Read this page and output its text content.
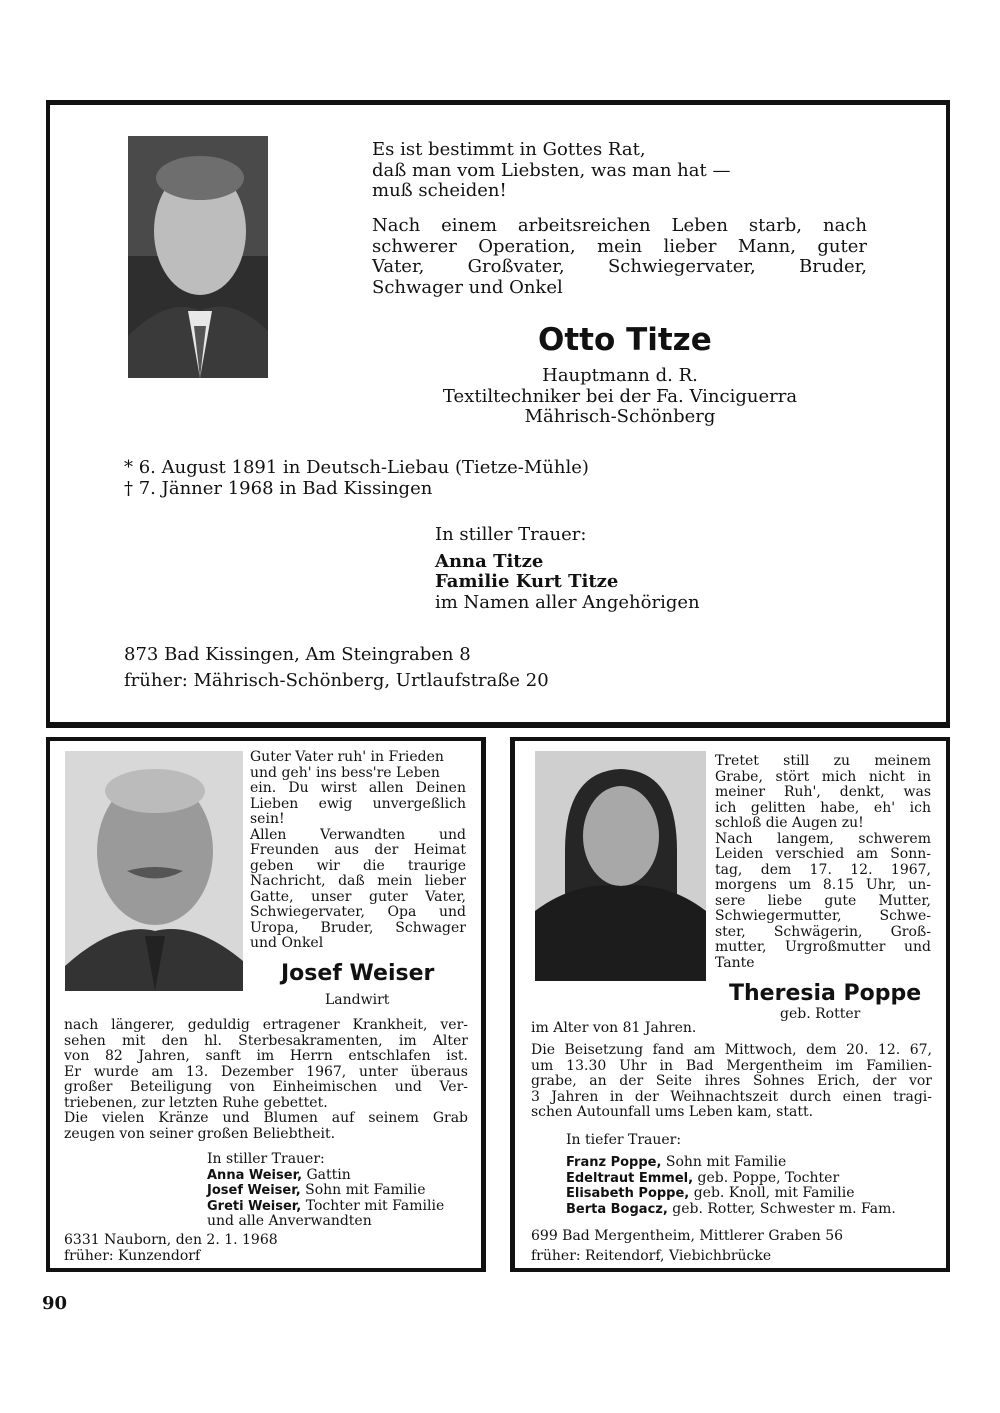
Es ist bestimmt in Gottes Rat,
daß man vom Liebsten, was man hat —
muß scheiden!
Nach einem arbeitsreichen Leben starb, nach
schwerer Operation, mein lieber Mann, guter
Vater, Großvater, Schwiegervater, Bruder,
Schwager und Onkel
Otto Titze
Hauptmann d. R.
Textiltechniker bei der Fa. Vinciguerra
Mährisch-Schönberg
* 6. August 1891 in Deutsch-Liebau (Tietze-Mühle)
† 7. Jänner 1968 in Bad Kissingen
In stiller Trauer:
Anna Titze
Familie Kurt Titze
im Namen aller Angehörigen
873 Bad Kissingen, Am Steingraben 8
früher: Mährisch-Schönberg, Urtlaufstraße 20
Guter Vater ruh' in Frieden
und geh' ins bess're Leben
ein. Du wirst allen Deinen
Lieben ewig unvergeßlich
sein!
Allen Verwandten und
Freunden aus der Heimat
geben wir die traurige
Nachricht, daß mein lieber
Gatte, unser guter Vater,
Schwiegervater, Opa und
Uropa, Bruder, Schwager
und Onkel
Josef Weiser
Landwirt
nach längerer, geduldig ertragener Krankheit, ver-
sehen mit den hl. Sterbesakramenten, im Alter
von 82 Jahren, sanft im Herrn entschlafen ist.
Er wurde am 13. Dezember 1967, unter überaus
großer Beteiligung von Einheimischen und Ver-
triebenen, zur letzten Ruhe gebettet.
Die vielen Kränze und Blumen auf seinem Grab
zeugen von seiner großen Beliebtheit.
In stiller Trauer:
Anna Weiser, Gattin
Josef Weiser, Sohn mit Familie
Greti Weiser, Tochter mit Familie
und alle Anverwandten
6331 Nauborn, den 2. 1. 1968
früher: Kunzendorf
Tretet still zu meinem
Grabe, stört mich nicht in
meiner Ruh', denkt, was
ich gelitten habe, eh' ich
schloß die Augen zu!
Nach langem, schwerem
Leiden verschied am Sonn-
tag, dem 17. 12. 1967,
morgens um 8.15 Uhr, un-
sere liebe gute Mutter,
Schwiegermutter, Schwe-
ster, Schwägerin, Groß-
mutter, Urgroßmutter und
Tante
Theresia Poppe
geb. Rotter
im Alter von 81 Jahren.
Die Beisetzung fand am Mittwoch, dem 20. 12. 67,
um 13.30 Uhr in Bad Mergentheim im Familien-
grabe, an der Seite ihres Sohnes Erich, der vor
3 Jahren in der Weihnachtszeit durch einen tragi-
schen Autounfall ums Leben kam, statt.
In tiefer Trauer:
Franz Poppe, Sohn mit Familie
Edeltraut Emmel, geb. Poppe, Tochter
Elisabeth Poppe, geb. Knoll, mit Familie
Berta Bogacz, geb. Rotter, Schwester m. Fam.
699 Bad Mergentheim, Mittlerer Graben 56
früher: Reitendorf, Viebichbrücke
90
